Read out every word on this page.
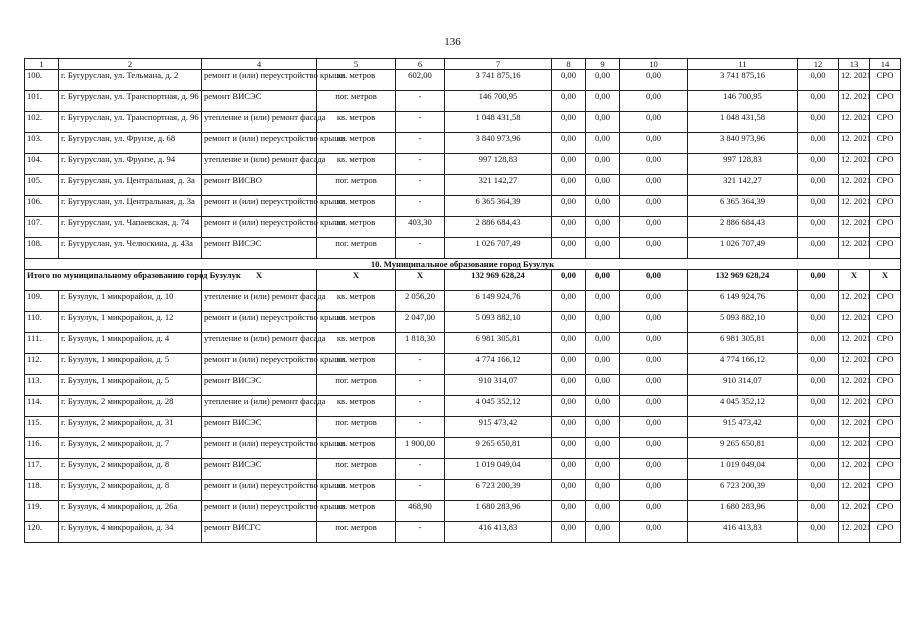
136
1	2	4	5	6	7	8	9	10	11	12	13	14
100.	г. Бугуруслан, ул. Тельмана, д. 2	ремонт и (или) переустройство крыши	кв. метров	602,00	3 741 875,16	0,00	0,00	0,00	3 741 875,16	0,00	12. 2021	СРО
101.	г. Бугуруслан, ул. Транспортная, д. 96	ремонт ВИСЭС	пог. метров	-	146 700,95	0,00	0,00	0,00	146 700,95	0,00	12. 2021	СРО
102.	г. Бугуруслан, ул. Транспортная, д. 96	утепление и (или) ремонт фасада	кв. метров	-	1 048 431,58	0,00	0,00	0,00	1 048 431,58	0,00	12. 2021	СРО
103.	г. Бугуруслан, ул. Фрунзе, д. 68	ремонт и (или) переустройство крыши	кв. метров	-	3 840 973,96	0,00	0,00	0,00	3 840 973,96	0,00	12. 2021	СРО
104.	г. Бугуруслан, ул. Фрунзе, д. 94	утепление и (или) ремонт фасада	кв. метров	-	997 128,83	0,00	0,00	0,00	997 128,83	0,00	12. 2021	СРО
105.	г. Бугуруслан, ул. Центральная, д. 3а	ремонт ВИСВО	пог. метров	-	321 142,27	0,00	0,00	0,00	321 142,27	0,00	12. 2021	СРО
106.	г. Бугуруслан, ул. Центральная, д. 3а	ремонт и (или) переустройство крыши	кв. метров	-	6 365 364,39	0,00	0,00	0,00	6 365 364,39	0,00	12. 2021	СРО
107.	г. Бугуруслан, ул. Чапаевская, д. 74	ремонт и (или) переустройство крыши	кв. метров	403,30	2 886 684,43	0,00	0,00	0,00	2 886 684,43	0,00	12. 2021	СРО
108.	г. Бугуруслан, ул. Челюскина, д. 43а	ремонт ВИСЭС	пог. метров	-	1 026 707,49	0,00	0,00	0,00	1 026 707,49	0,00	12. 2021	СРО
10. Муниципальное образование город Бузулук												
Итого по муниципальному образованию город Бузулук		X	X	X	132 969 628,24	0,00	0,00	0,00	132 969 628,24	0,00	X	X
109.	г. Бузулук, 1 микрорайон, д. 10	утепление и (или) ремонт фасада	кв. метров	2 056,20	6 149 924,76	0,00	0,00	0,00	6 149 924,76	0,00	12. 2021	СРО
110.	г. Бузулук, 1 микрорайон, д. 12	ремонт и (или) переустройство крыши	кв. метров	2 047,00	5 093 882,10	0,00	0,00	0,00	5 093 882,10	0,00	12. 2021	СРО
111.	г. Бузулук, 1 микрорайон, д. 4	утепление и (или) ремонт фасада	кв. метров	1 818,30	6 981 305,81	0,00	0,00	0,00	6 981 305,81	0,00	12. 2021	СРО
112.	г. Бузулук, 1 микрорайон, д. 5	ремонт и (или) переустройство крыши	кв. метров	-	4 774 166,12	0,00	0,00	0,00	4 774 166,12	0,00	12. 2021	СРО
113.	г. Бузулук, 1 микрорайон, д. 5	ремонт ВИСЭС	пог. метров	-	910 314,07	0,00	0,00	0,00	910 314,07	0,00	12. 2021	СРО
114.	г. Бузулук, 2 микрорайон, д. 28	утепление и (или) ремонт фасада	кв. метров	-	4 045 352,12	0,00	0,00	0,00	4 045 352,12	0,00	12. 2021	СРО
115.	г. Бузулук, 2 микрорайон, д. 31	ремонт ВИСЭС	пог. метров	-	915 473,42	0,00	0,00	0,00	915 473,42	0,00	12. 2021	СРО
116.	г. Бузулук, 2 микрорайон, д. 7	ремонт и (или) переустройство крыши	кв. метров	1 900,00	9 265 650,81	0,00	0,00	0,00	9 265 650,81	0,00	12. 2021	СРО
117.	г. Бузулук, 2 микрорайон, д. 8	ремонт ВИСЭС	пог. метров	-	1 019 049,04	0,00	0,00	0,00	1 019 049,04	0,00	12. 2021	СРО
118.	г. Бузулук, 2 микрорайон, д. 8	ремонт и (или) переустройство крыши	кв. метров	-	6 723 200,39	0,00	0,00	0,00	6 723 200,39	0,00	12. 2021	СРО
119.	г. Бузулук, 4 микрорайон, д. 26а	ремонт и (или) переустройство крыши	кв. метров	468,90	1 680 283,96	0,00	0,00	0,00	1 680 283,96	0,00	12. 2021	СРО
120.	г. Бузулук, 4 микрорайон, д. 34	ремонт ВИСГС	пог. метров	-	416 413,83	0,00	0,00	0,00	416 413,83	0,00	12. 2021	СРО
